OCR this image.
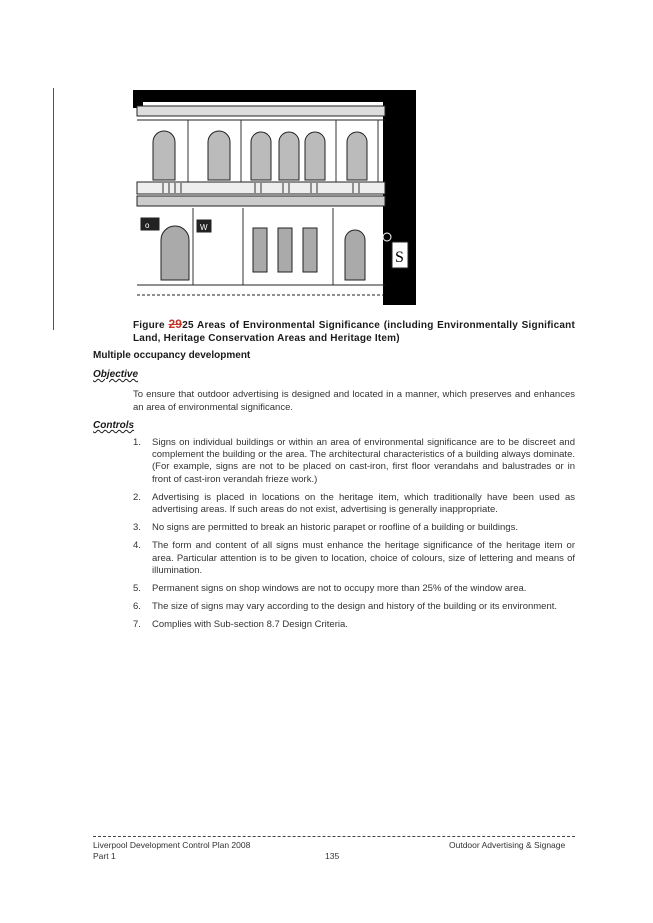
o	W
S
Figure 2925 Areas of Environmental Significance (including Environmentally Significant Land, Heritage Conservation Areas and Heritage Item)
Multiple occupancy development
Objective
To ensure that outdoor advertising is designed and located in a manner, which preserves and enhances an area of environmental significance.
Controls
1. Signs on individual buildings or within an area of environmental significance are to be discreet and complement the building or the area. The architectural characteristics of a building always dominate. (For example, signs are not to be placed on cast-iron, first floor verandahs and balustrades or in front of cast-iron verandah frieze work.)
2. Advertising is placed in locations on the heritage item, which traditionally have been used as advertising areas. If such areas do not exist, advertising is generally inappropriate.
3. No signs are permitted to break an historic parapet or roofline of a building or buildings.
4. The form and content of all signs must enhance the heritage significance of the heritage item or area. Particular attention is to be given to location, choice of colours, size of lettering and means of illumination.
5. Permanent signs on shop windows are not to occupy more than 25% of the window area.
6. The size of signs may vary according to the design and history of the building or its environment.
7. Complies with Sub-section 8.7 Design Criteria.
Liverpool Development Control Plan 2008
Part 1	135
Outdoor Advertising & Signage
